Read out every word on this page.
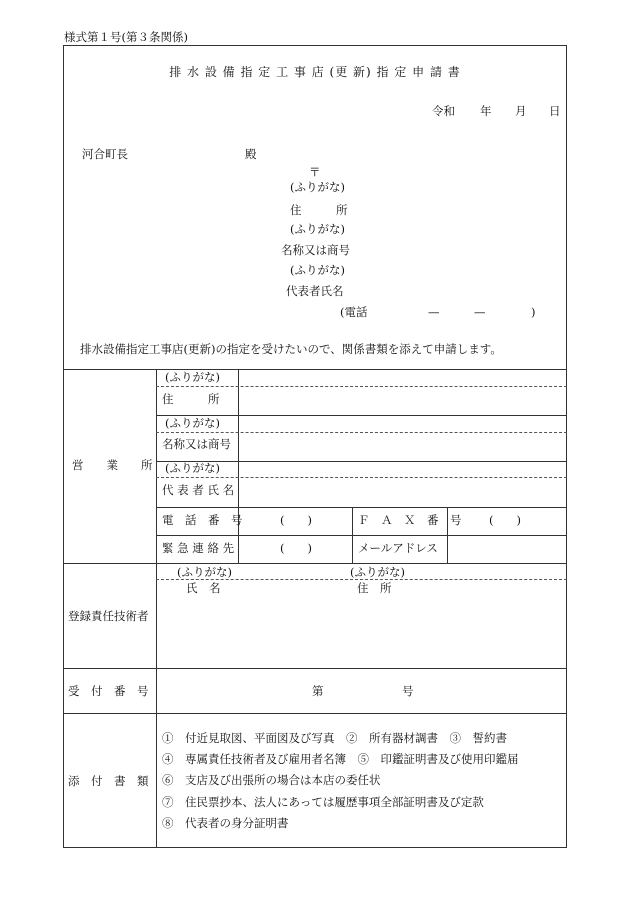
様式第１号(第３条関係)
排 水 設 備 指 定 工 事 店 (更 新) 指 定 申 請 書
令和 年 月 日
河合町長	殿
〒
(ふりがな)
住　　　所
(ふりがな)
名称又は商号
(ふりがな)
代表者氏名
(電話	—	—	)
排水設備指定工事店(更新)の指定を受けたいので、関係書類を添えて申請します。
営　　業　　所
(ふりがな)
住　　　所
(ふりがな)
名称又は商号
(ふりがな)
代 表 者 氏 名
電　話　番　号	(　　)	Ｆ　Ａ　Ｘ　番　号 (　　)
緊 急 連 絡 先	(　　)	メールアドレス
登録責任技術者
(ふりがな)	(ふりがな)
氏　名	住　所
受　付　番　号	第	号
添　付　書　類
①　付近見取図、平面図及び写真　②　所有器材調書　③　誓約書
④　専属責任技術者及び雇用者名簿　⑤　印鑑証明書及び使用印鑑届
⑥　支店及び出張所の場合は本店の委任状
⑦　住民票抄本、法人にあっては履歴事項全部証明書及び定款
⑧　代表者の身分証明書
